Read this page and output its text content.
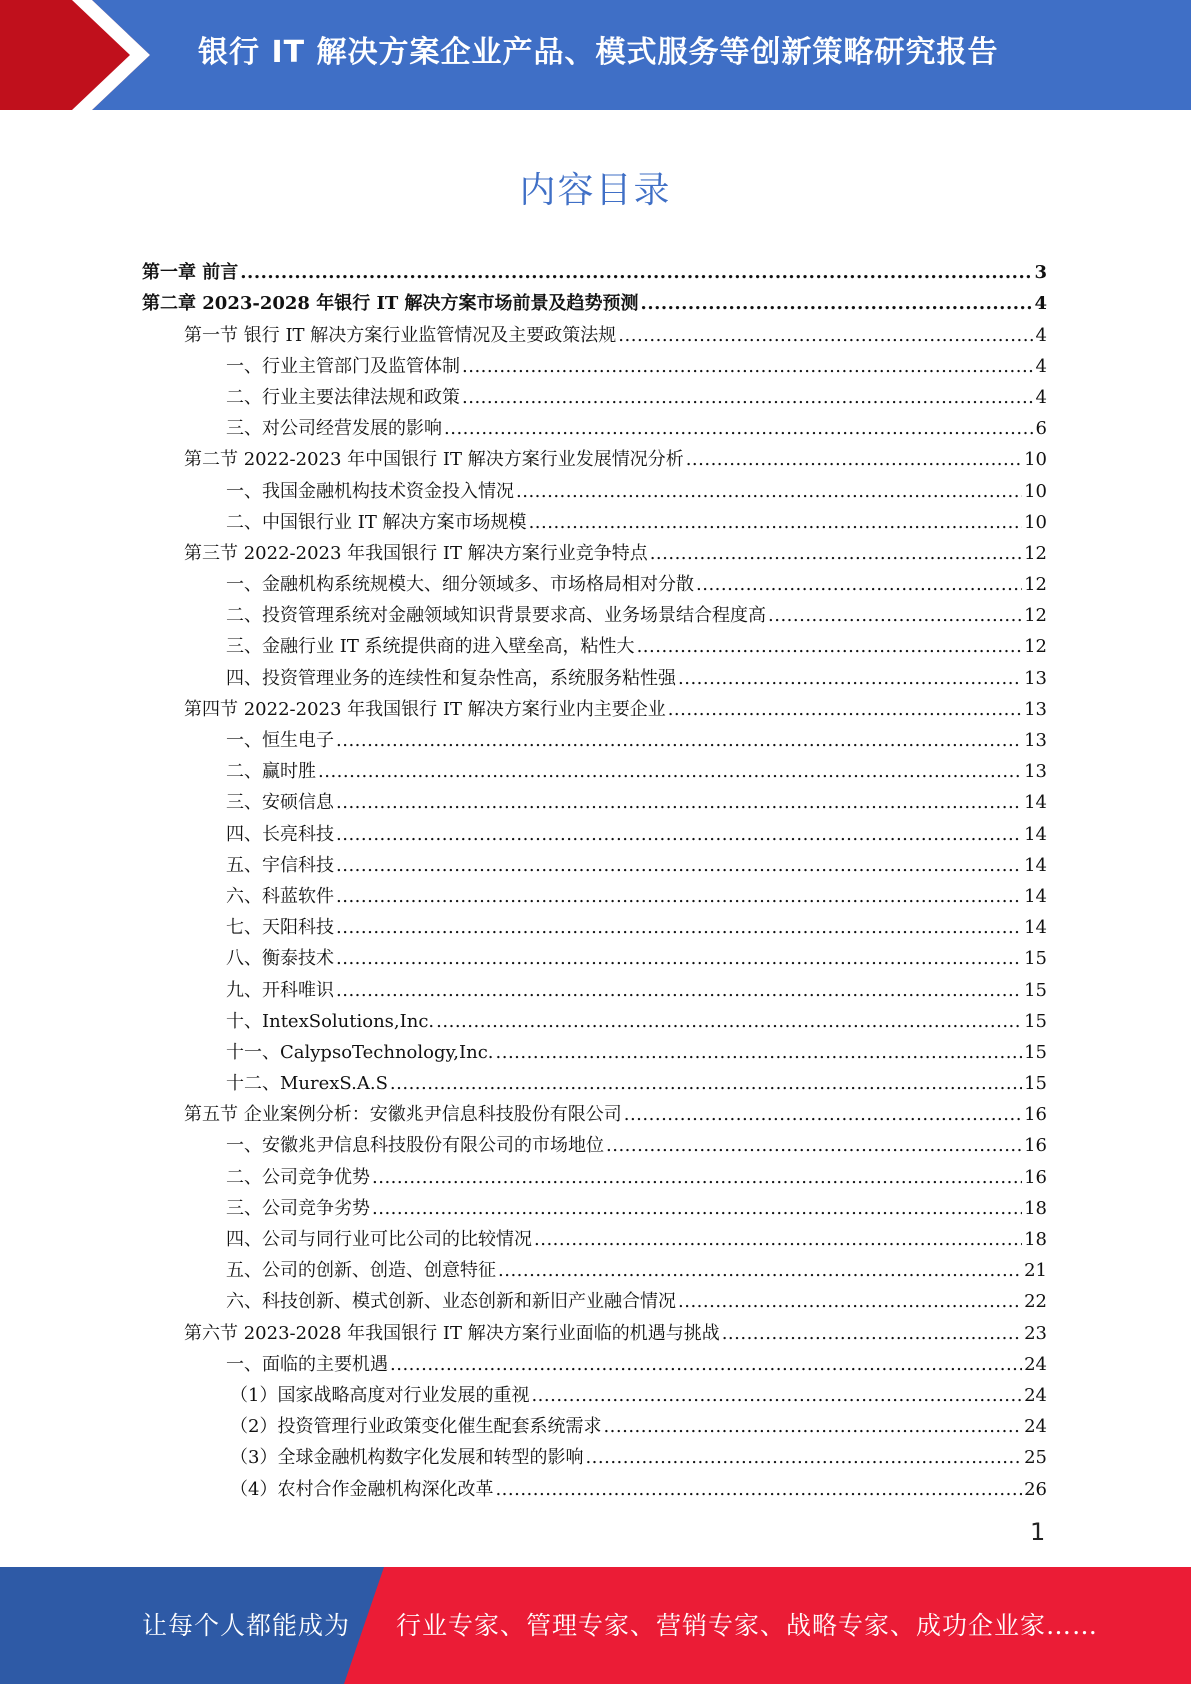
银行 IT 解决方案企业产品、模式服务等创新策略研究报告
内容目录
第一章 前言 .....	3
第二章 2023-2028 年银行 IT 解决方案市场前景及趋势预测 .....	4
第一节 银行 IT 解决方案行业监管情况及主要政策法规 .....	4
一、行业主管部门及监管体制 .....	4
二、行业主要法律法规和政策 .....	4
三、对公司经营发展的影响 .....	6
第二节 2022-2023 年中国银行 IT 解决方案行业发展情况分析 .....	10
一、我国金融机构技术资金投入情况 .....	10
二、中国银行业 IT 解决方案市场规模 .....	10
第三节 2022-2023 年我国银行 IT 解决方案行业竞争特点 .....	12
一、金融机构系统规模大、细分领域多、市场格局相对分散 .....	12
二、投资管理系统对金融领域知识背景要求高、业务场景结合程度高 .....	12
三、金融行业 IT 系统提供商的进入壁垒高，粘性大 .....	12
四、投资管理业务的连续性和复杂性高，系统服务粘性强 .....	13
第四节 2022-2023 年我国银行 IT 解决方案行业内主要企业 .....	13
一、恒生电子 .....	13
二、赢时胜 .....	13
三、安硕信息 .....	14
四、长亮科技 .....	14
五、宇信科技 .....	14
六、科蓝软件 .....	14
七、天阳科技 .....	14
八、衡泰技术 .....	15
九、开科唯识 .....	15
十、IntexSolutions,Inc. .....	15
十一、CalypsoTechnology,Inc. .....	15
十二、MurexS.A.S .....	15
第五节 企业案例分析：安徽兆尹信息科技股份有限公司 .....	16
一、安徽兆尹信息科技股份有限公司的市场地位 .....	16
二、公司竞争优势 .....	16
三、公司竞争劣势 .....	18
四、公司与同行业可比公司的比较情况 .....	18
五、公司的创新、创造、创意特征 .....	21
六、科技创新、模式创新、业态创新和新旧产业融合情况 .....	22
第六节 2023-2028 年我国银行 IT 解决方案行业面临的机遇与挑战 .....	23
一、面临的主要机遇 .....	24
（1）国家战略高度对行业发展的重视 .....	24
（2）投资管理行业政策变化催生配套系统需求 .....	24
（3）全球金融机构数字化发展和转型的影响 .....	25
（4）农村合作金融机构深化改革 .....	26
1
让每个人都能成为 行业专家、管理专家、营销专家、战略专家、成功企业家……
